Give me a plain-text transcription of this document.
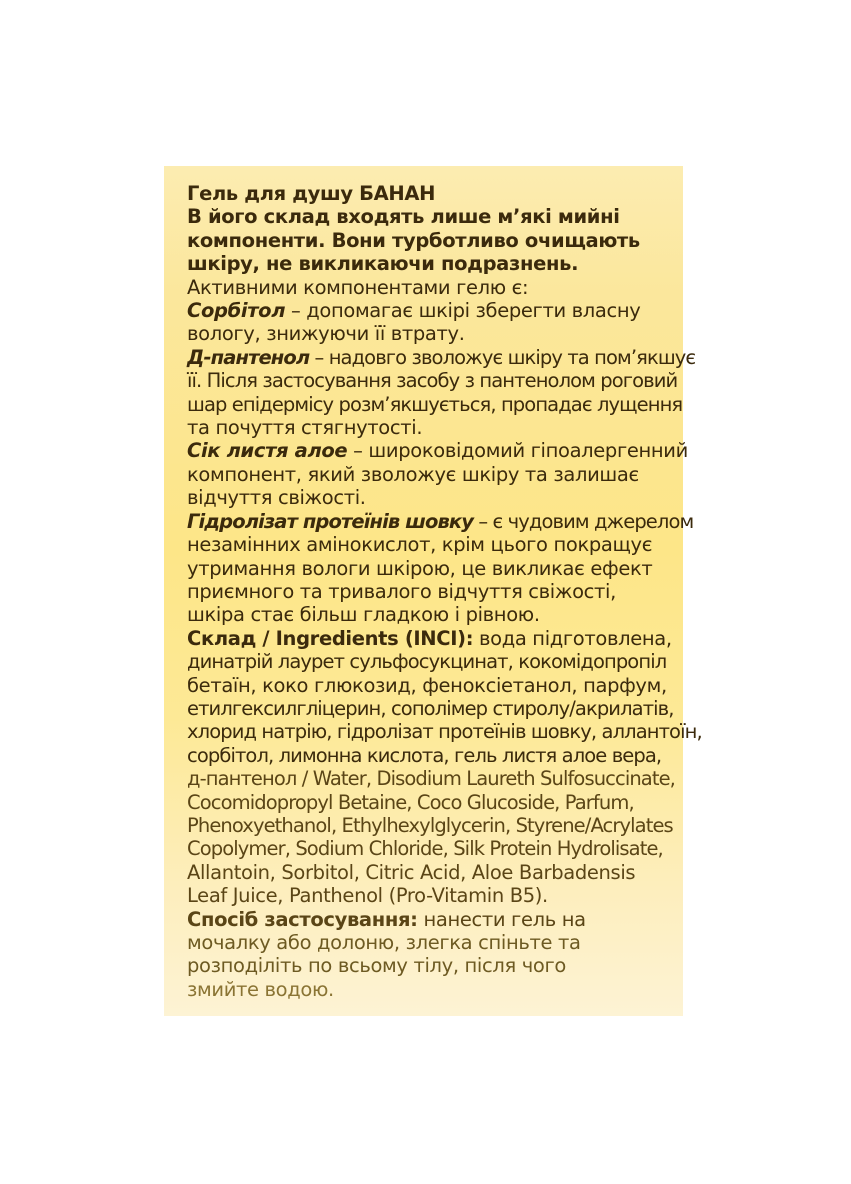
Гель для душу БАНАН
В його склад входять лише м’які мийні
компоненти. Вони турботливо очищають
шкіру, не викликаючи подразнень.
Активними компонентами гелю є:
Сорбітол – допомагає шкірі зберегти власну
вологу, знижуючи її втрату.
Д-пантенол – надовго зволожує шкіру та пом’якшує
її. Після застосування засобу з пантенолом роговий
шар епідермісу розм’якшується, пропадає лущення
та почуття стягнутості.
Сік листя алое – широковідомий гіпоалергенний
компонент, який зволожує шкіру та залишає
відчуття свіжості.
Гідролізат протеїнів шовку – є чудовим джерелом
незамінних амінокислот, крім цього покращує
утримання вологи шкірою, це викликає ефект
приємного та тривалого відчуття свіжості,
шкіра стає більш гладкою і рівною.
Склад / Ingredients (INCI): вода підготовлена,
динатрій лаурет сульфосукцинат, кокомідопропіл
бетаїн, коко глюкозид, феноксіетанол, парфум,
етилгексилгліцерин, сополімер стиролу/акрилатів,
хлорид натрію, гідролізат протеїнів шовку, аллантоїн,
сорбітол, лимонна кислота, гель листя алое вера,
д-пантенол / Water, Disodium Laureth Sulfosuccinate,
Cocomidopropyl Betaine, Coco Glucoside, Parfum,
Phenoxyethanol, Ethylhexylglycerin, Styrene/Acrylates
Copolymer, Sodium Chloride, Silk Protein Hydrolisate,
Allantoin, Sorbitol, Citric Acid, Aloe Barbadensis
Leaf Juice, Panthenol (Pro-Vitamin B5).
Спосіб застосування: нанести гель на
мочалку або долоню, злегка спіньте та
розподіліть по всьому тілу, після чого
змийте водою.
